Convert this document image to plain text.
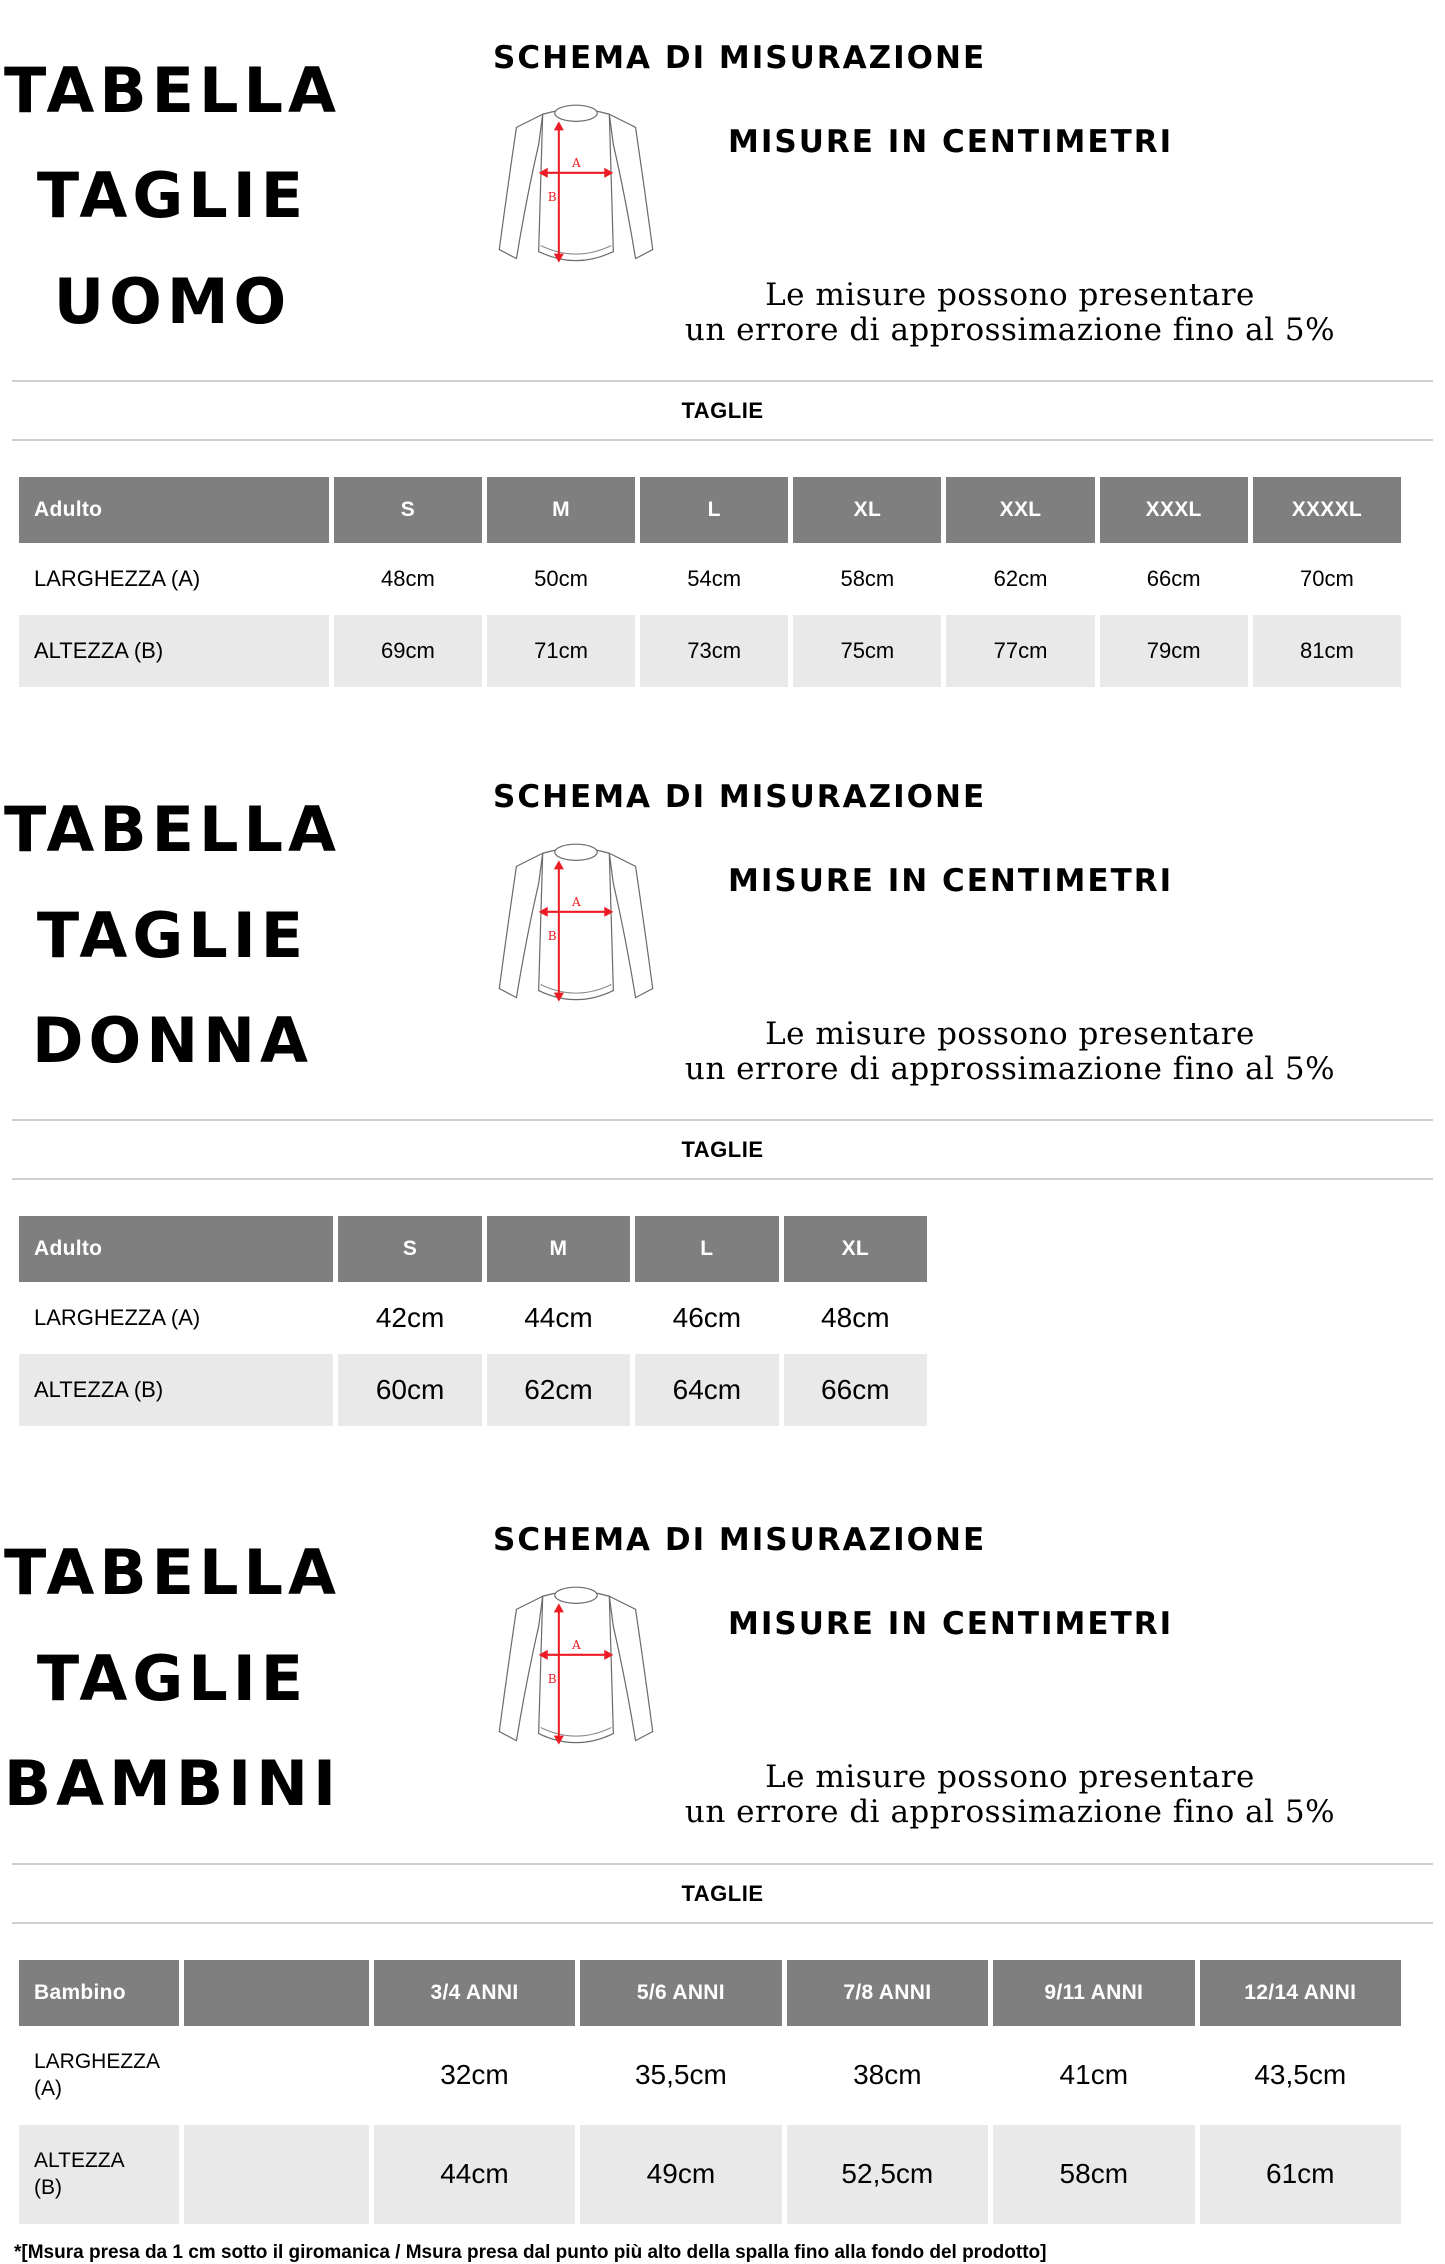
TABELLA
TAGLIE
UOMO
SCHEMA DI MISURAZIONE
A
B
MISURE IN CENTIMETRI
Le misure possono presentare
un errore di approssimazione fino al 5%
TAGLIE
Adulto	S	M	L	XL	XXL	XXXL	XXXXL
LARGHEZZA (A)	48cm	50cm	54cm	58cm	62cm	66cm	70cm
ALTEZZA (B)	69cm	71cm	73cm	75cm	77cm	79cm	81cm
TABELLA
TAGLIE
DONNA
SCHEMA DI MISURAZIONE
A
B
MISURE IN CENTIMETRI
Le misure possono presentare
un errore di approssimazione fino al 5%
TAGLIE
Adulto	S	M	L	XL
LARGHEZZA (A)	42cm	44cm	46cm	48cm
ALTEZZA (B)	60cm	62cm	64cm	66cm
TABELLA
TAGLIE
BAMBINI
SCHEMA DI MISURAZIONE
A
B
MISURE IN CENTIMETRI
Le misure possono presentare
un errore di approssimazione fino al 5%
TAGLIE
Bambino		3/4 ANNI	5/6 ANNI	7/8 ANNI	9/11 ANNI	12/14 ANNI
LARGHEZZA (A)		32cm	35,5cm	38cm	41cm	43,5cm
ALTEZZA (B)		44cm	49cm	52,5cm	58cm	61cm
*[Msura presa da 1 cm sotto il giromanica / Msura presa dal punto più alto della spalla fino alla fondo del prodotto]
